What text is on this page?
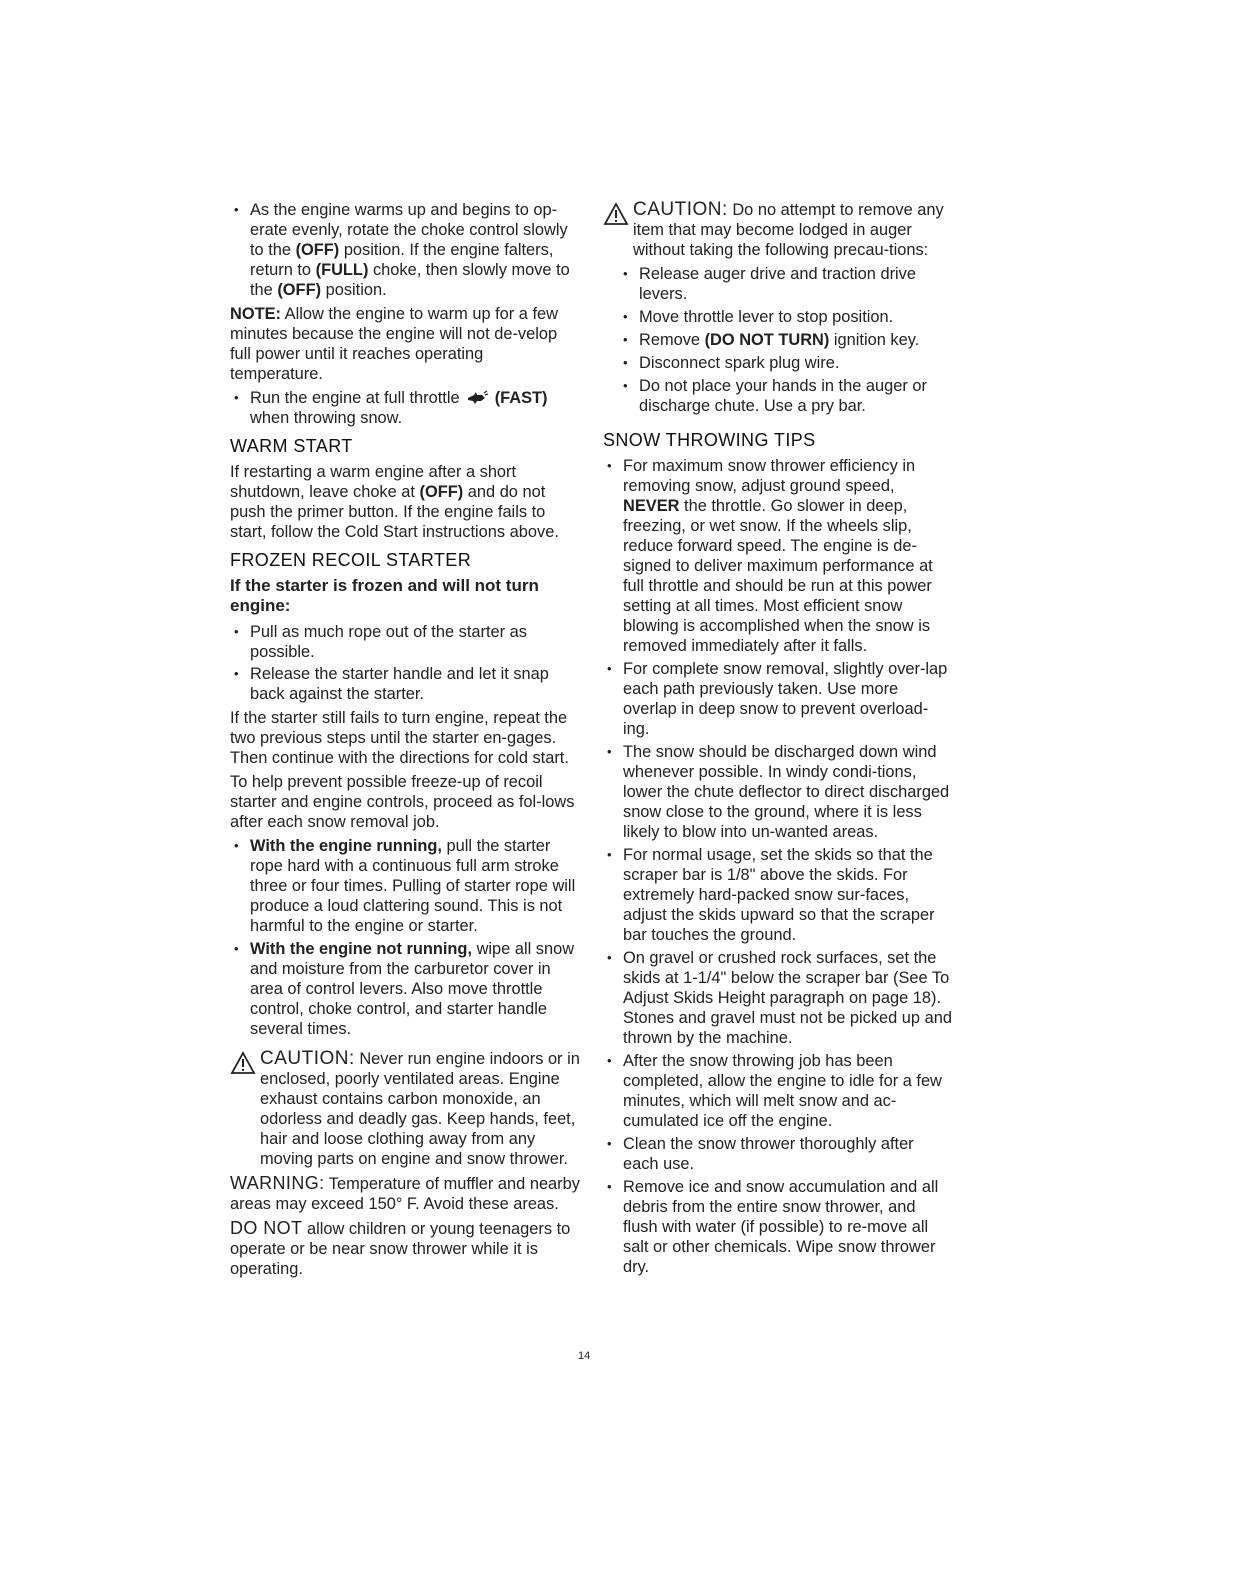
• As the engine warms up and begins to op-erate evenly, rotate the choke control slowly to the (OFF) position. If the engine falters, return to (FULL) choke, then slowly move to the (OFF) position.

NOTE: Allow the engine to warm up for a few minutes because the engine will not de-velop full power until it reaches operating temperature.

• Run the engine at full throttle (FAST) when throwing snow.
WARM START

If restarting a warm engine after a short shutdown, leave choke at (OFF) and do not push the primer button. If the engine fails to start, follow the Cold Start instructions above.

FROZEN RECOIL STARTER
If the starter is frozen and will not turn engine:
• Pull as much rope out of the starter as possible.
• Release the starter handle and let it snap back against the starter.

If the starter still fails to turn engine, repeat the two previous steps until the starter en-gages. Then continue with the directions for cold start.

To help prevent possible freeze-up of recoil starter and engine controls, proceed as fol-lows after each snow removal job.

• With the engine running, pull the starter rope hard with a continuous full arm stroke three or four times. Pulling of starter rope will produce a loud clattering sound. This is not harmful to the engine or starter.
• With the engine not running, wipe all snow and moisture from the carburetor cover in area of control levers. Also move throttle control, choke control, and starter handle several times.

CAUTION: Never run engine indoors or in enclosed, poorly ventilated areas. Engine exhaust contains carbon monoxide, an odorless and deadly gas. Keep hands, feet, hair and loose clothing away from any moving parts on engine and snow thrower.

WARNING: Temperature of muffler and nearby areas may exceed 150° F. Avoid these areas.

DO NOT allow children or young teenagers to operate or be near snow thrower while it is operating.

CAUTION: Do no attempt to remove any item that may become lodged in auger without taking the following precau-tions:

• Release auger drive and traction drive levers.
• Move throttle lever to stop position.
• Remove (DO NOT TURN) ignition key.
• Disconnect spark plug wire.
• Do not place your hands in the auger or discharge chute. Use a pry bar.
SNOW THROWING TIPS
• For maximum snow thrower efficiency in removing snow, adjust ground speed, NEVER the throttle. Go slower in deep, freezing, or wet snow. If the wheels slip, reduce forward speed. The engine is de-signed to deliver maximum performance at full throttle and should be run at this power setting at all times. Most efficient snow blowing is accomplished when the snow is removed immediately after it falls.
• For complete snow removal, slightly over-lap each path previously taken. Use more overlap in deep snow to prevent overload-ing.
• The snow should be discharged down wind whenever possible. In windy condi-tions, lower the chute deflector to direct discharged snow close to the ground, where it is less likely to blow into un-wanted areas.
• For normal usage, set the skids so that the scraper bar is 1/8" above the skids. For extremely hard-packed snow sur-faces, adjust the skids upward so that the scraper bar touches the ground.
• On gravel or crushed rock surfaces, set the skids at 1-1/4" below the scraper bar (See To Adjust Skids Height paragraph on page 18). Stones and gravel must not be picked up and thrown by the machine.
• After the snow throwing job has been completed, allow the engine to idle for a few minutes, which will melt snow and ac-cumulated ice off the engine.
• Clean the snow thrower thoroughly after each use.
• Remove ice and snow accumulation and all debris from the entire snow thrower, and flush with water (if possible) to re-move all salt or other chemicals. Wipe snow thrower dry.
14
